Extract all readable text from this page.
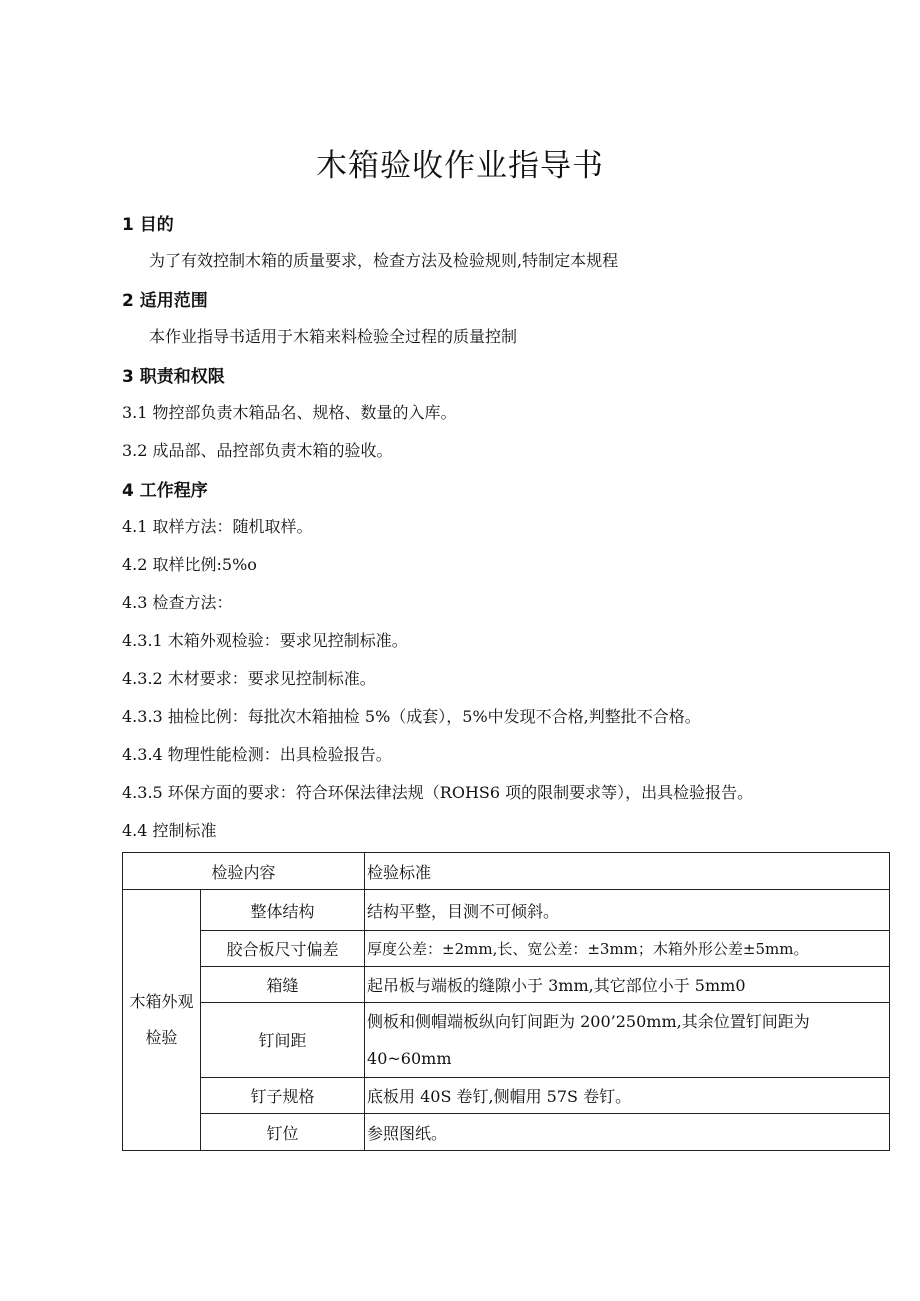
木箱验收作业指导书
1 目的
为了有效控制木箱的质量要求，检查方法及检验规则,特制定本规程
2 适用范围
本作业指导书适用于木箱来料检验全过程的质量控制
3 职责和权限
3.1 物控部负责木箱品名、规格、数量的入库。
3.2 成品部、品控部负责木箱的验收。
4 工作程序
4.1 取样方法：随机取样。
4.2 取样比例:5%o
4.3 检查方法：
4.3.1 木箱外观检验：要求见控制标准。
4.3.2 木材要求：要求见控制标准。
4.3.3 抽检比例：每批次木箱抽检 5%（成套），5%中发现不合格,判整批不合格。
4.3.4 物理性能检测：出具检验报告。
4.3.5 环保方面的要求：符合环保法律法规（ROHS6 项的限制要求等），出具检验报告。
4.4 控制标准
检验内容		检验标准

木箱外观
检验	整体结构	结构平整，目测不可倾斜。
	胶合板尺寸偏差	厚度公差：±2mm,长、宽公差：±3mm；木箱外形公差±5mm。
	箱缝	起吊板与端板的缝隙小于 3mm,其它部位小于 5mm0
	钉间距	侧板和侧帽端板纵向钉间距为 200’250mm,其余位置钉间距为 40~60mm
	钉子规格	底板用 40S 卷钉,侧帽用 57S 卷钉。
	钉位	参照图纸。
